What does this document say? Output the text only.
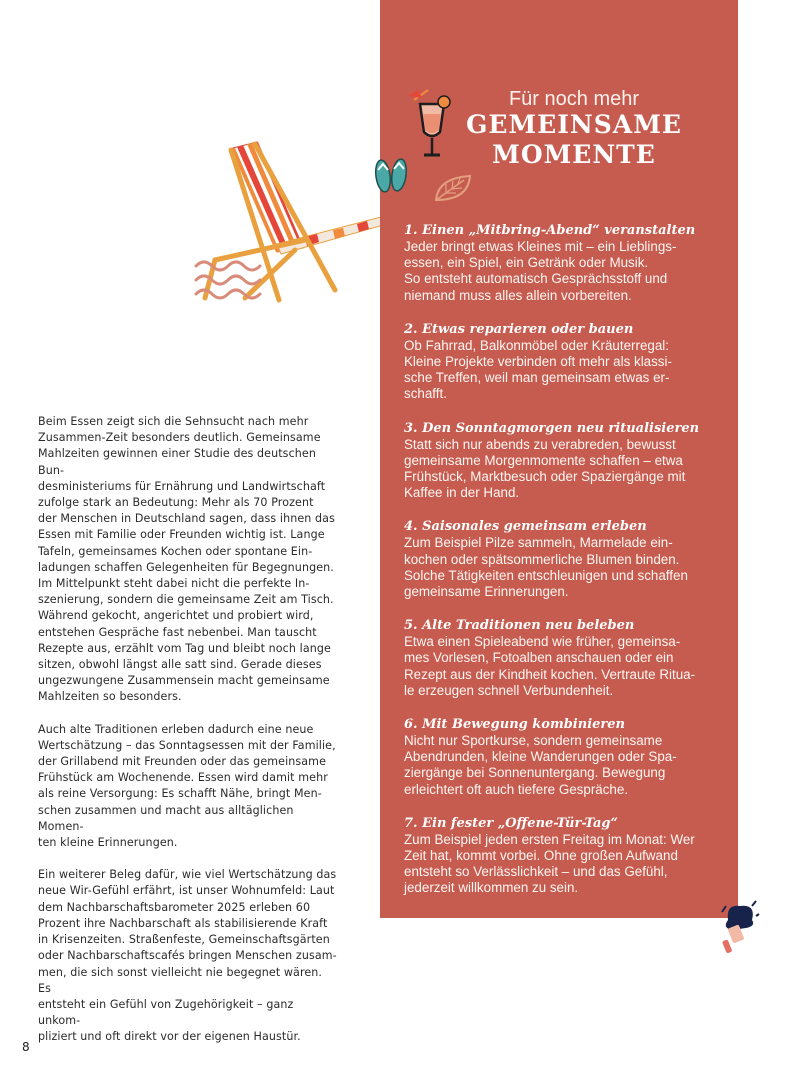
Für noch mehr
GEMEINSAME
MOMENTE
1. Einen „Mitbring-Abend“ veranstalten
Jeder bringt etwas Kleines mit – ein Lieblings-
essen, ein Spiel, ein Getränk oder Musik.
So entsteht automatisch Gesprächsstoff und
niemand muss alles allein vorbereiten.
2. Etwas reparieren oder bauen
Ob Fahrrad, Balkonmöbel oder Kräuterregal:
Kleine Projekte verbinden oft mehr als klassi-
sche Treffen, weil man gemeinsam etwas er-
schafft.
3. Den Sonntagmorgen neu ritualisieren
Statt sich nur abends zu verabreden, bewusst
gemeinsame Morgenmomente schaffen – etwa
Frühstück, Marktbesuch oder Spaziergänge mit
Kaffee in der Hand.
4. Saisonales gemeinsam erleben
Zum Beispiel Pilze sammeln, Marmelade ein-
kochen oder spätsommerliche Blumen binden.
Solche Tätigkeiten entschleunigen und schaffen
gemeinsame Erinnerungen.
5. Alte Traditionen neu beleben
Etwa einen Spieleabend wie früher, gemeinsa-
mes Vorlesen, Fotoalben anschauen oder ein
Rezept aus der Kindheit kochen. Vertraute Ritua-
le erzeugen schnell Verbundenheit.
6. Mit Bewegung kombinieren
Nicht nur Sportkurse, sondern gemeinsame
Abendrunden, kleine Wanderungen oder Spa-
ziergänge bei Sonnenuntergang. Bewegung
erleichtert oft auch tiefere Gespräche.
7. Ein fester „Offene-Tür-Tag“
Zum Beispiel jeden ersten Freitag im Monat: Wer
Zeit hat, kommt vorbei. Ohne großen Aufwand
entsteht so Verlässlichkeit – und das Gefühl,
jederzeit willkommen zu sein.

Beim Essen zeigt sich die Sehnsucht nach mehr
Zusammen-Zeit besonders deutlich. Gemeinsame
Mahlzeiten gewinnen einer Studie des deutschen Bun-
desministeriums für Ernährung und Landwirtschaft
zufolge stark an Bedeutung: Mehr als 70 Prozent
der Menschen in Deutschland sagen, dass ihnen das
Essen mit Familie oder Freunden wichtig ist. Lange
Tafeln, gemeinsames Kochen oder spontane Ein-
ladungen schaffen Gelegenheiten für Begegnungen.
Im Mittelpunkt steht dabei nicht die perfekte In-
szenierung, sondern die gemeinsame Zeit am Tisch.
Während gekocht, angerichtet und probiert wird,
entstehen Gespräche fast nebenbei. Man tauscht
Rezepte aus, erzählt vom Tag und bleibt noch lange
sitzen, obwohl längst alle satt sind. Gerade dieses
ungezwungene Zusammensein macht gemeinsame
Mahlzeiten so besonders.

Auch alte Traditionen erleben dadurch eine neue
Wertschätzung – das Sonntagsessen mit der Familie,
der Grillabend mit Freunden oder das gemeinsame
Frühstück am Wochenende. Essen wird damit mehr
als reine Versorgung: Es schafft Nähe, bringt Men-
schen zusammen und macht aus alltäglichen Momen-
ten kleine Erinnerungen.

Ein weiterer Beleg dafür, wie viel Wertschätzung das
neue Wir-Gefühl erfährt, ist unser Wohnumfeld: Laut
dem Nachbarschaftsbarometer 2025 erleben 60
Prozent ihre Nachbarschaft als stabilisierende Kraft
in Krisenzeiten. Straßenfeste, Gemeinschaftsgärten
oder Nachbarschaftscafés bringen Menschen zusam-
men, die sich sonst vielleicht nie begegnet wären. Es
entsteht ein Gefühl von Zugehörigkeit – ganz unkom-
pliziert und oft direkt vor der eigenen Haustür.

8
